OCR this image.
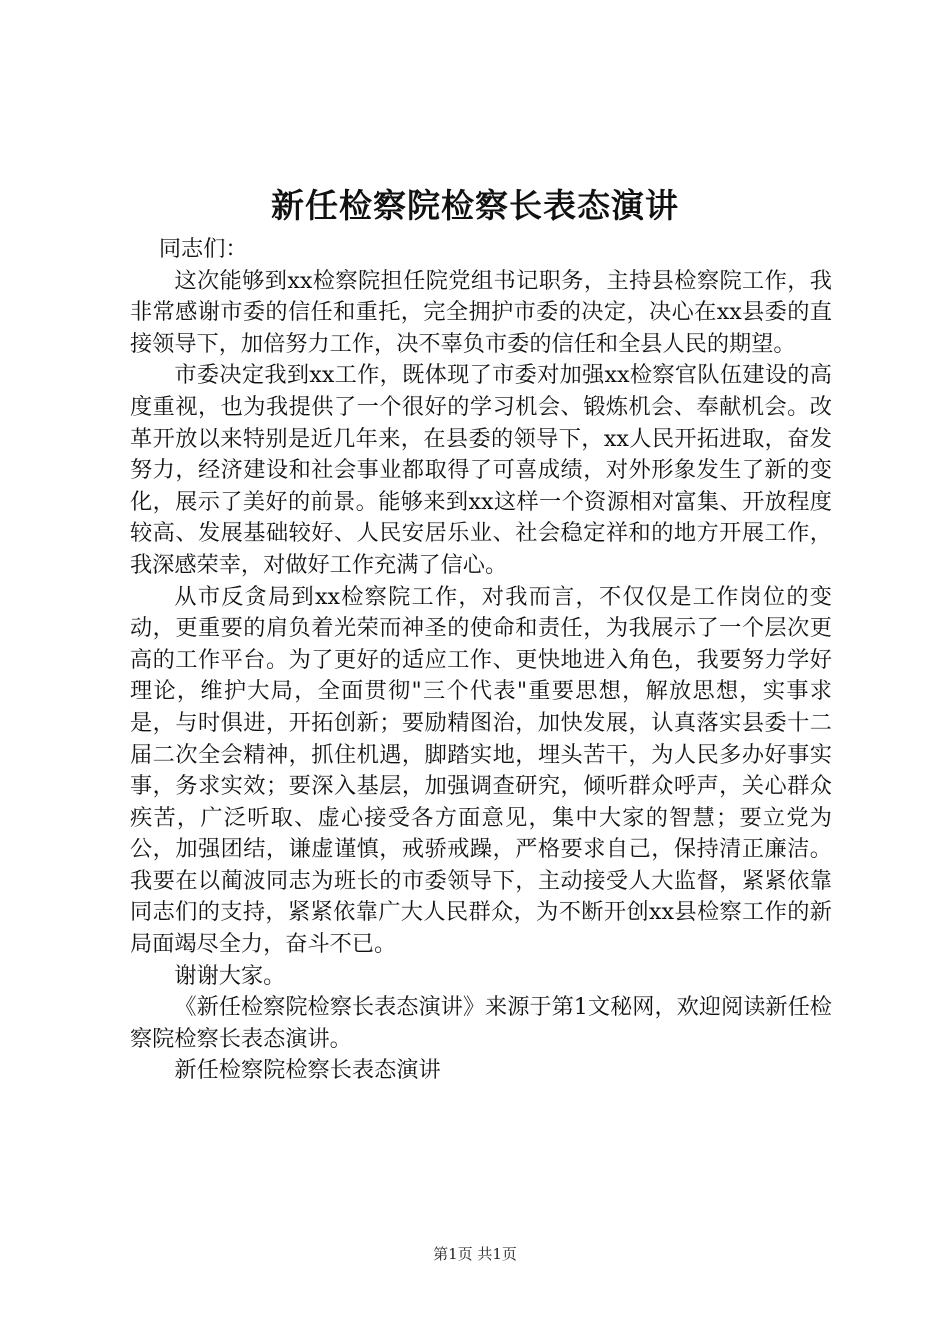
新任检察院检察长表态演讲

同志们：

这次能够到xx检察院担任院党组书记职务，主持县检察院工作，我非常感谢市委的信任和重托，完全拥护市委的决定，决心在xx县委的直接领导下，加倍努力工作，决不辜负市委的信任和全县人民的期望。

市委决定我到xx工作，既体现了市委对加强xx检察官队伍建设的高度重视，也为我提供了一个很好的学习机会、锻炼机会、奉献机会。改革开放以来特别是近几年来，在县委的领导下，xx人民开拓进取，奋发努力，经济建设和社会事业都取得了可喜成绩，对外形象发生了新的变化，展示了美好的前景。能够来到xx这样一个资源相对富集、开放程度较高、发展基础较好、人民安居乐业、社会稳定祥和的地方开展工作，我深感荣幸，对做好工作充满了信心。

从市反贪局到xx检察院工作，对我而言，不仅仅是工作岗位的变动，更重要的肩负着光荣而神圣的使命和责任，为我展示了一个层次更高的工作平台。为了更好的适应工作、更快地进入角色，我要努力学好理论，维护大局，全面贯彻"三个代表"重要思想，解放思想，实事求是，与时俱进，开拓创新；要励精图治，加快发展，认真落实县委十二届二次全会精神，抓住机遇，脚踏实地，埋头苦干，为人民多办好事实事，务求实效；要深入基层，加强调查研究，倾听群众呼声，关心群众疾苦，广泛听取、虚心接受各方面意见，集中大家的智慧；要立党为公，加强团结，谦虚谨慎，戒骄戒躁，严格要求自己，保持清正廉洁。我要在以蔺波同志为班长的市委领导下，主动接受人大监督，紧紧依靠同志们的支持，紧紧依靠广大人民群众，为不断开创xx县检察工作的新局面竭尽全力，奋斗不已。

谢谢大家。

《新任检察院检察长表态演讲》来源于第1文秘网，欢迎阅读新任检察院检察长表态演讲。

新任检察院检察长表态演讲

第1页 共1页
